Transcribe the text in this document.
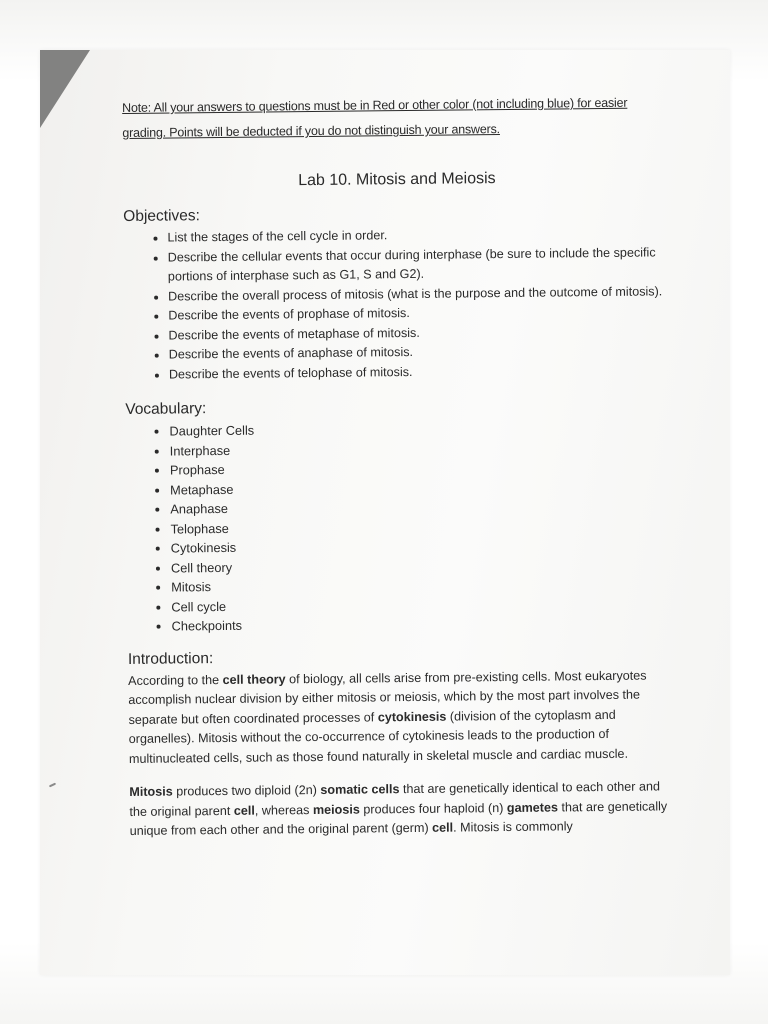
Note: All your answers to questions must be in Red or other color (not including blue) for easier grading. Points will be deducted if you do not distinguish your answers.

Lab 10. Mitosis and Meiosis
Objectives:
• List the stages of the cell cycle in order.
• Describe the cellular events that occur during interphase (be sure to include the specific portions of interphase such as G1, S and G2).
• Describe the overall process of mitosis (what is the purpose and the outcome of mitosis).
• Describe the events of prophase of mitosis.
• Describe the events of metaphase of mitosis.
• Describe the events of anaphase of mitosis.
• Describe the events of telophase of mitosis.
Vocabulary:
• Daughter Cells
• Interphase
• Prophase
• Metaphase
• Anaphase
• Telophase
• Cytokinesis
• Cell theory
• Mitosis
• Cell cycle
• Checkpoints
Introduction:

According to the cell theory of biology, all cells arise from pre-existing cells. Most eukaryotes accomplish nuclear division by either mitosis or meiosis, which by the most part involves the separate but often coordinated processes of cytokinesis (division of the cytoplasm and organelles). Mitosis without the co-occurrence of cytokinesis leads to the production of multinucleated cells, such as those found naturally in skeletal muscle and cardiac muscle.

Mitosis produces two diploid (2n) somatic cells that are genetically identical to each other and the original parent cell, whereas meiosis produces four haploid (n) gametes that are genetically unique from each other and the original parent (germ) cell. Mitosis is commonly
